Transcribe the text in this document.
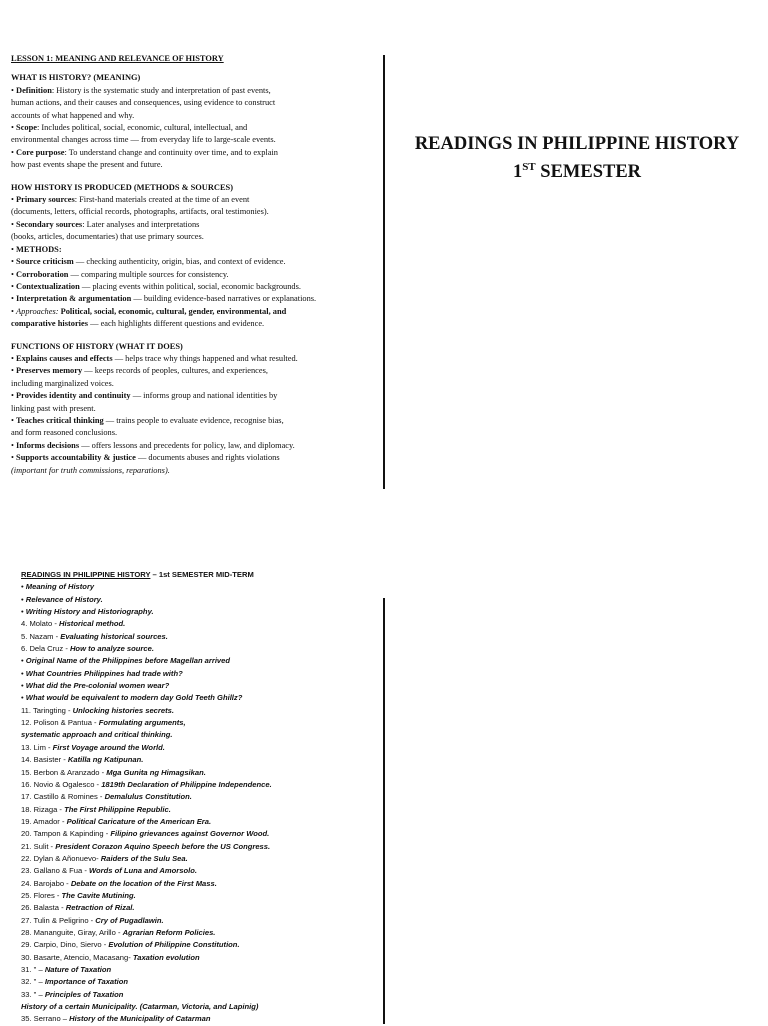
LESSON 1: MEANING AND RELEVANCE OF HISTORY

WHAT IS HISTORY? (MEANING)

• Definition: History is the systematic study and interpretation of past events,

human actions, and their causes and consequences, using evidence to construct

accounts of what happened and why.

• Scope: Includes political, social, economic, cultural, intellectual, and

environmental changes across time — from everyday life to large-scale events.

• Core purpose: To understand change and continuity over time, and to explain

how past events shape the present and future.

HOW HISTORY IS PRODUCED (METHODS & SOURCES)

• Primary sources: First-hand materials created at the time of an event

(documents, letters, official records, photographs, artifacts, oral testimonies).

• Secondary sources: Later analyses and interpretations

(books, articles, documentaries) that use primary sources.

• METHODS:

• Source criticism — checking authenticity, origin, bias, and context of evidence.

• Corroboration — comparing multiple sources for consistency.

• Contextualization — placing events within political, social, economic backgrounds.

• Interpretation & argumentation — building evidence-based narratives or explanations.

• Approaches: Political, social, economic, cultural, gender, environmental, and

comparative histories — each highlights different questions and evidence.

FUNCTIONS OF HISTORY (WHAT IT DOES)

• Explains causes and effects — helps trace why things happened and what resulted.

• Preserves memory — keeps records of peoples, cultures, and experiences,

including marginalized voices.

• Provides identity and continuity — informs group and national identities by

linking past with present.

• Teaches critical thinking — trains people to evaluate evidence, recognise bias,

and form reasoned conclusions.

• Informs decisions — offers lessons and precedents for policy, law, and diplomacy.

• Supports accountability & justice — documents abuses and rights violations

(important for truth commissions, reparations).

READINGS IN PHILIPPINE HISTORY
1ST SEMESTER

READINGS IN PHILIPPINE HISTORY – 1st SEMESTER MID-TERM

• Meaning of History

• Relevance of History.

• Writing History and Historiography.

4. Molato - Historical method.

5. Nazam - Evaluating historical sources.

6. Dela Cruz - How to analyze source.

• Original Name of the Philippines before Magellan arrived

• What Countries Philippines had trade with?

• What did the Pre-colonial women wear?

• What would be equivalent to modern day Gold Teeth Ghillz?

11. Taringting - Unlocking histories secrets.

12. Polison & Pantua - Formulating arguments,

systematic approach and critical thinking.

13. Lim - First Voyage around the World.

14. Basister - Katilla ng Katipunan.

15. Berbon & Aranzado - Mga Gunita ng Himagsikan.

16. Novio & Ogalesco - 1819th Declaration of Philippine Independence.

17. Castillo & Romines - Demalulus Constitution.

18. Rizaga - The First Philippine Republic.

19. Amador - Political Caricature of the American Era.

20. Tampon & Kapinding - Filipino grievances against Governor Wood.

21. Sulit - President Corazon Aquino Speech before the US Congress.

22. Dylan & Añonuevo- Raiders of the Sulu Sea.

23. Gallano & Fua - Words of Luna and Amorsolo.

24. Barojabo - Debate on the location of the First Mass.

25. Flores - The Cavite Mutining.

26. Balasta - Retraction of Rizal.

27. Tulin & Peligrino - Cry of Pugadlawin.

28. Mananguite, Giray, Arillo - Agrarian Reform Policies.

29. Carpio, Dino, Siervo - Evolution of Philippine Constitution.

30. Basarte, Atencio, Macasang- Taxation evolution

31. " – Nature of Taxation

32. " – Importance of Taxation

33. " – Principles of Taxation

History of a certain Municipality. (Catarman, Victoria, and Lapinig)

35. Serrano – History of the Municipality of Catarman
